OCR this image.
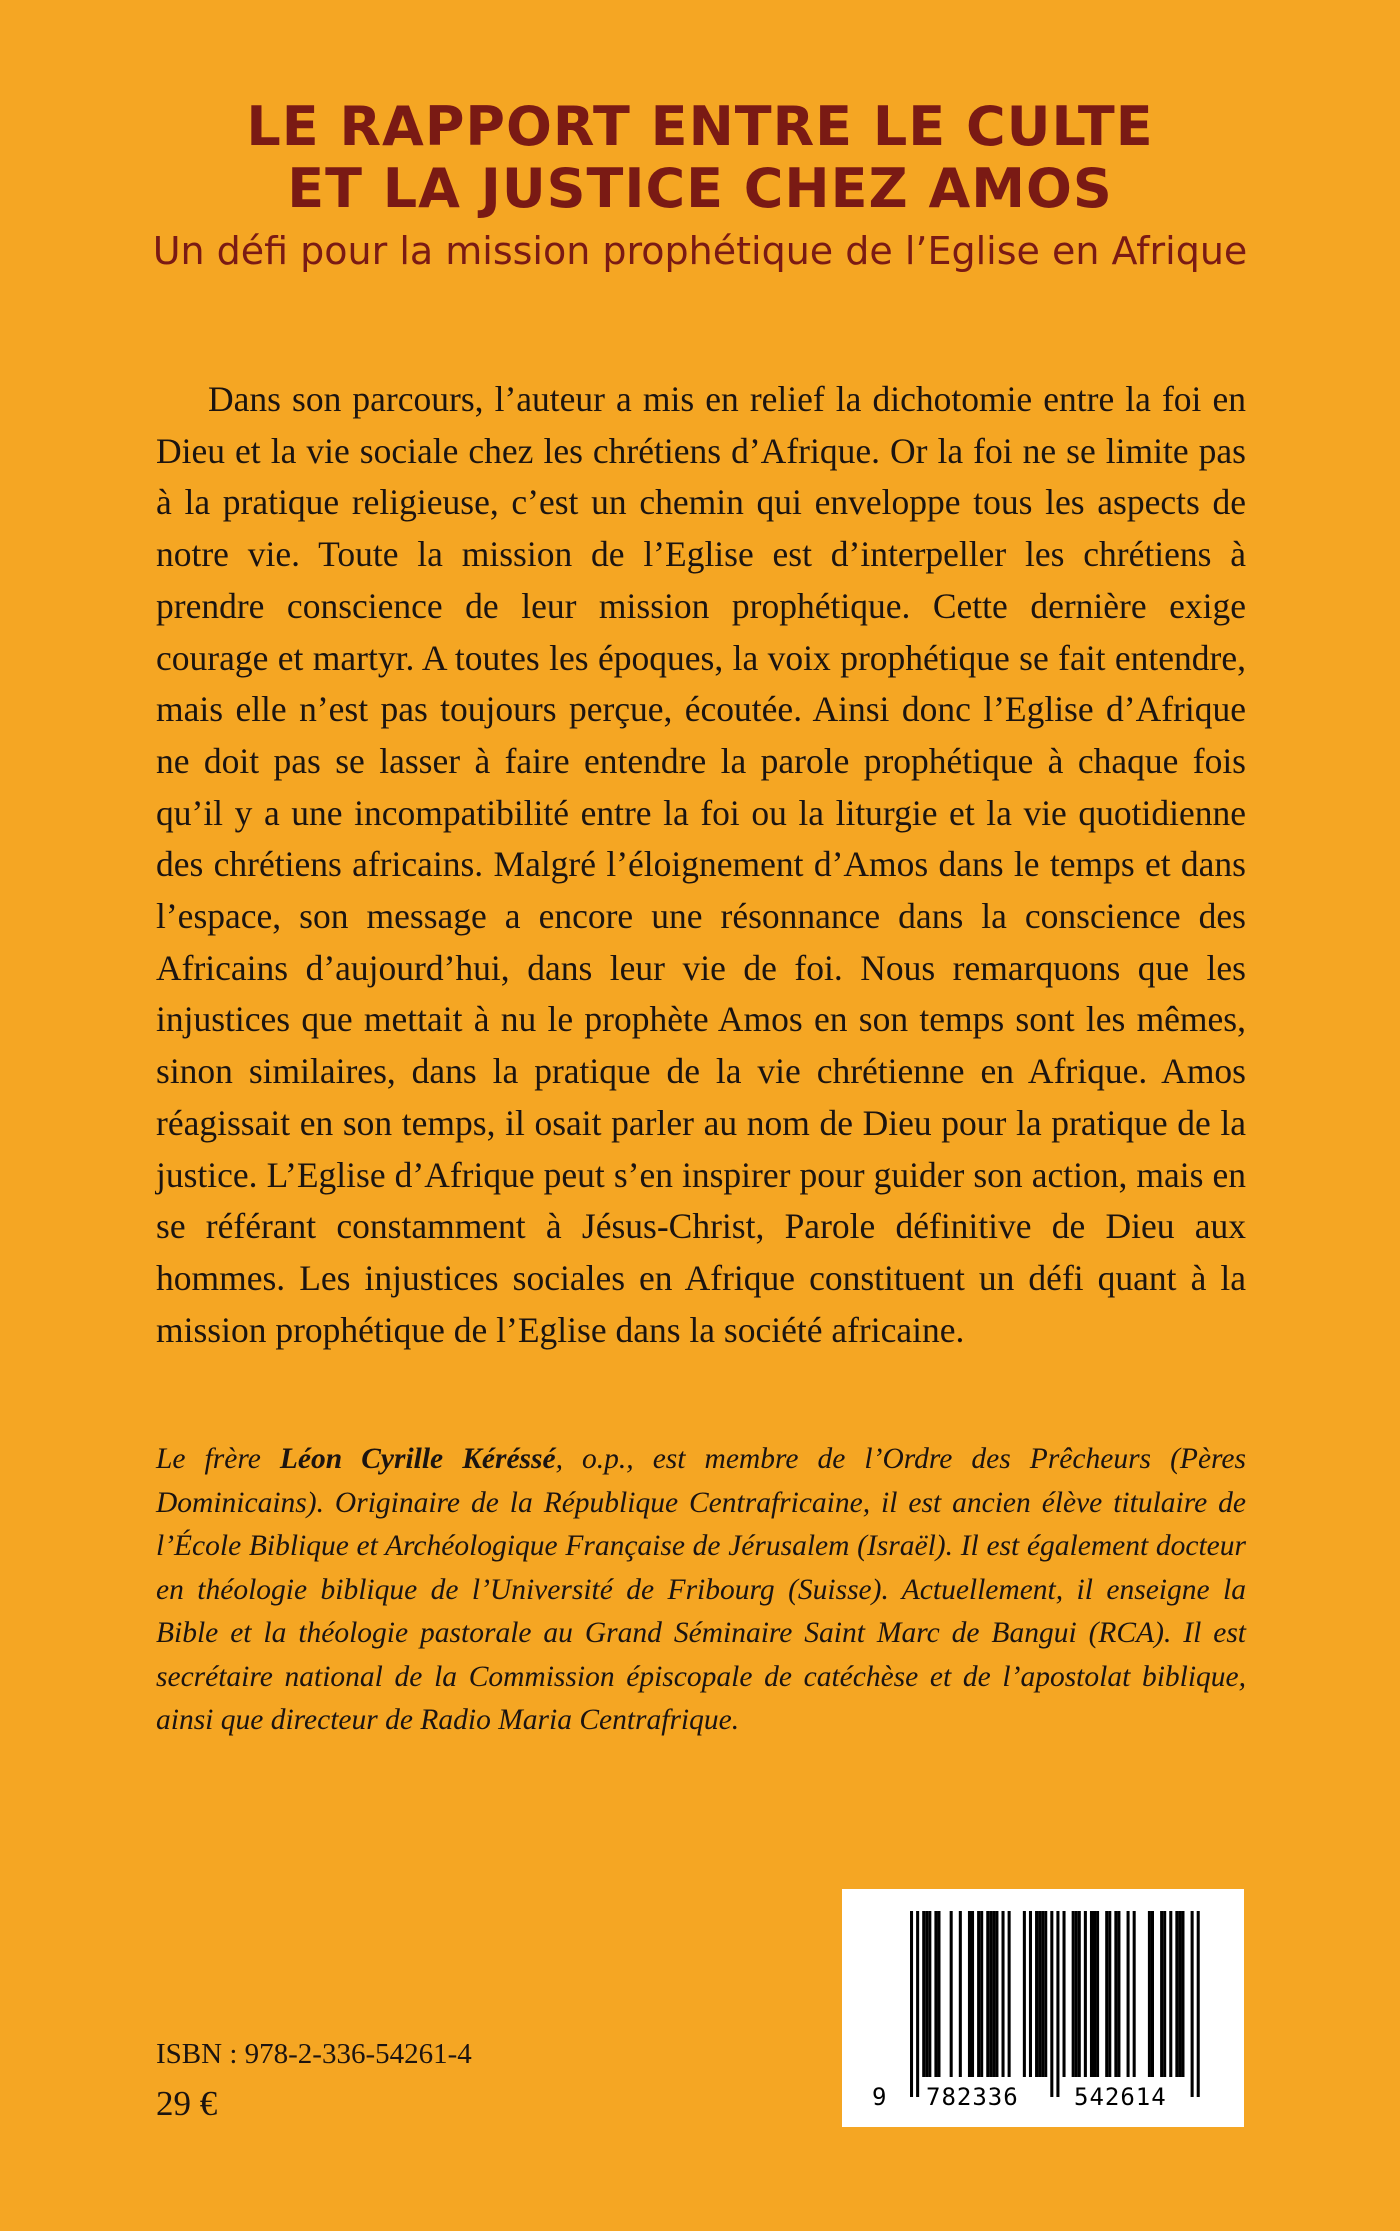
LE RAPPORT ENTRE LE CULTE
ET LA JUSTICE CHEZ AMOS
Un défi pour la mission prophétique de l’Eglise en Afrique

Dans son parcours, l’auteur a mis en relief la dichotomie entre la foi en Dieu et la vie sociale chez les chrétiens d’Afrique. Or la foi ne se limite pas à la pratique religieuse, c’est un chemin qui enveloppe tous les aspects de notre vie. Toute la mission de l’Eglise est d’interpeller les chrétiens à prendre conscience de leur mission prophétique. Cette dernière exige courage et martyr. A toutes les époques, la voix prophétique se fait entendre, mais elle n’est pas toujours perçue, écoutée. Ainsi donc l’Eglise d’Afrique ne doit pas se lasser à faire entendre la parole prophétique à chaque fois qu’il y a une incompatibilité entre la foi ou la liturgie et la vie quotidienne des chrétiens africains. Malgré l’éloignement d’Amos dans le temps et dans l’espace, son message a encore une résonnance dans la conscience des Africains d’aujourd’hui, dans leur vie de foi. Nous remarquons que les injustices que mettait à nu le prophète Amos en son temps sont les mêmes, sinon similaires, dans la pratique de la vie chrétienne en Afrique. Amos réagissait en son temps, il osait parler au nom de Dieu pour la pratique de la justice. L’Eglise d’Afrique peut s’en inspirer pour guider son action, mais en se référant constamment à Jésus-Christ, Parole définitive de Dieu aux hommes. Les injustices sociales en Afrique constituent un défi quant à la mission prophétique de l’Eglise dans la société africaine.

Le frère Léon Cyrille Kéréssé, o.p., est membre de l’Ordre des Prêcheurs (Pères Dominicains). Originaire de la République Centrafricaine, il est ancien élève titulaire de l’École Biblique et Archéologique Française de Jérusalem (Israël). Il est également docteur en théologie biblique de l’Université de Fribourg (Suisse). Actuellement, il enseigne la Bible et la théologie pastorale au Grand Séminaire Saint Marc de Bangui (RCA). Il est secrétaire national de la Commission épiscopale de catéchèse et de l’apostolat biblique, ainsi que directeur de Radio Maria Centrafrique.

9 782336 542614
ISBN : 978-2-336-54261-4
29 €
